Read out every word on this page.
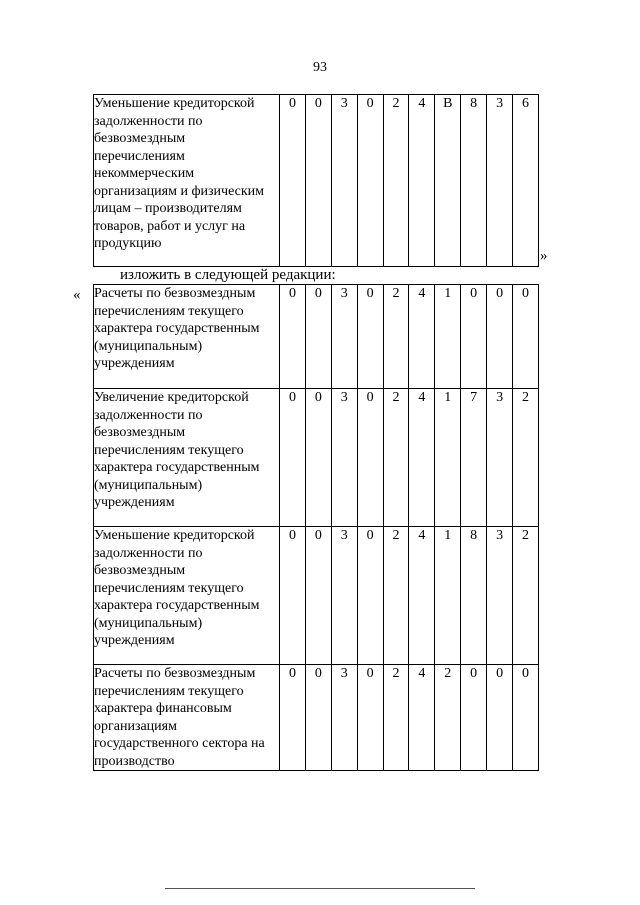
93
Уменьшение кредиторской задолженности по безвозмездным перечислениям некоммерческим организациям и физическим лицам – производителям товаров, работ и услуг на продукцию	0	0	3	0	2	4	В	8	3	6
»
изложить в следующей редакции:
« Расчеты по безвозмездным перечислениям текущего характера государственным (муниципальным) учреждениям	0	0	3	0	2	4	1	0	0	0
Увеличение кредиторской задолженности по безвозмездным перечислениям текущего характера государственным (муниципальным) учреждениям	0	0	3	0	2	4	1	7	3	2
Уменьшение кредиторской задолженности по безвозмездным перечислениям текущего характера государственным (муниципальным) учреждениям	0	0	3	0	2	4	1	8	3	2
Расчеты по безвозмездным перечислениям текущего характера финансовым организациям государственного сектора на производство	0	0	3	0	2	4	2	0	0	0
